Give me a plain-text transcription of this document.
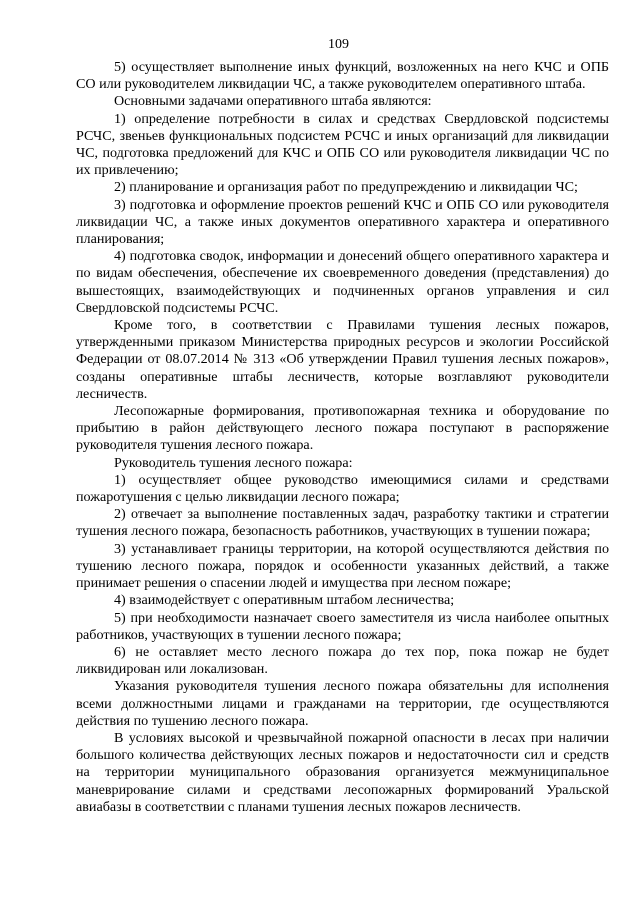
109

5) осуществляет выполнение иных функций, возложенных на него КЧС и ОПБ СО или руководителем ликвидации ЧС, а также руководителем оперативного штаба.

Основными задачами оперативного штаба являются:

1) определение потребности в силах и средствах Свердловской подсистемы РСЧС, звеньев функциональных подсистем РСЧС и иных организаций для ликвидации ЧС, подготовка предложений для КЧС и ОПБ СО или руководителя ликвидации ЧС по их привлечению;

2) планирование и организация работ по предупреждению и ликвидации ЧС;

3) подготовка и оформление проектов решений КЧС и ОПБ СО или руководителя ликвидации ЧС, а также иных документов оперативного характера и оперативного планирования;

4) подготовка сводок, информации и донесений общего оперативного характера и по видам обеспечения, обеспечение их своевременного доведения (представления) до вышестоящих, взаимодействующих и подчиненных органов управления и сил Свердловской подсистемы РСЧС.

Кроме того, в соответствии с Правилами тушения лесных пожаров, утвержденными приказом Министерства природных ресурсов и экологии Российской Федерации от 08.07.2014 № 313 «Об утверждении Правил тушения лесных пожаров», созданы оперативные штабы лесничеств, которые возглавляют руководители лесничеств.

Лесопожарные формирования, противопожарная техника и оборудование по прибытию в район действующего лесного пожара поступают в распоряжение руководителя тушения лесного пожара.

Руководитель тушения лесного пожара:

1) осуществляет общее руководство имеющимися силами и средствами пожаротушения с целью ликвидации лесного пожара;

2) отвечает за выполнение поставленных задач, разработку тактики и стратегии тушения лесного пожара, безопасность работников, участвующих в тушении пожара;

3) устанавливает границы территории, на которой осуществляются действия по тушению лесного пожара, порядок и особенности указанных действий, а также принимает решения о спасении людей и имущества при лесном пожаре;

4) взаимодействует с оперативным штабом лесничества;

5) при необходимости назначает своего заместителя из числа наиболее опытных работников, участвующих в тушении лесного пожара;

6) не оставляет место лесного пожара до тех пор, пока пожар не будет ликвидирован или локализован.

Указания руководителя тушения лесного пожара обязательны для исполнения всеми должностными лицами и гражданами на территории, где осуществляются действия по тушению лесного пожара.

В условиях высокой и чрезвычайной пожарной опасности в лесах при наличии большого количества действующих лесных пожаров и недостаточности сил и средств на территории муниципального образования организуется межмуниципальное маневрирование силами и средствами лесопожарных формирований Уральской авиабазы в соответствии с планами тушения лесных пожаров лесничеств.
